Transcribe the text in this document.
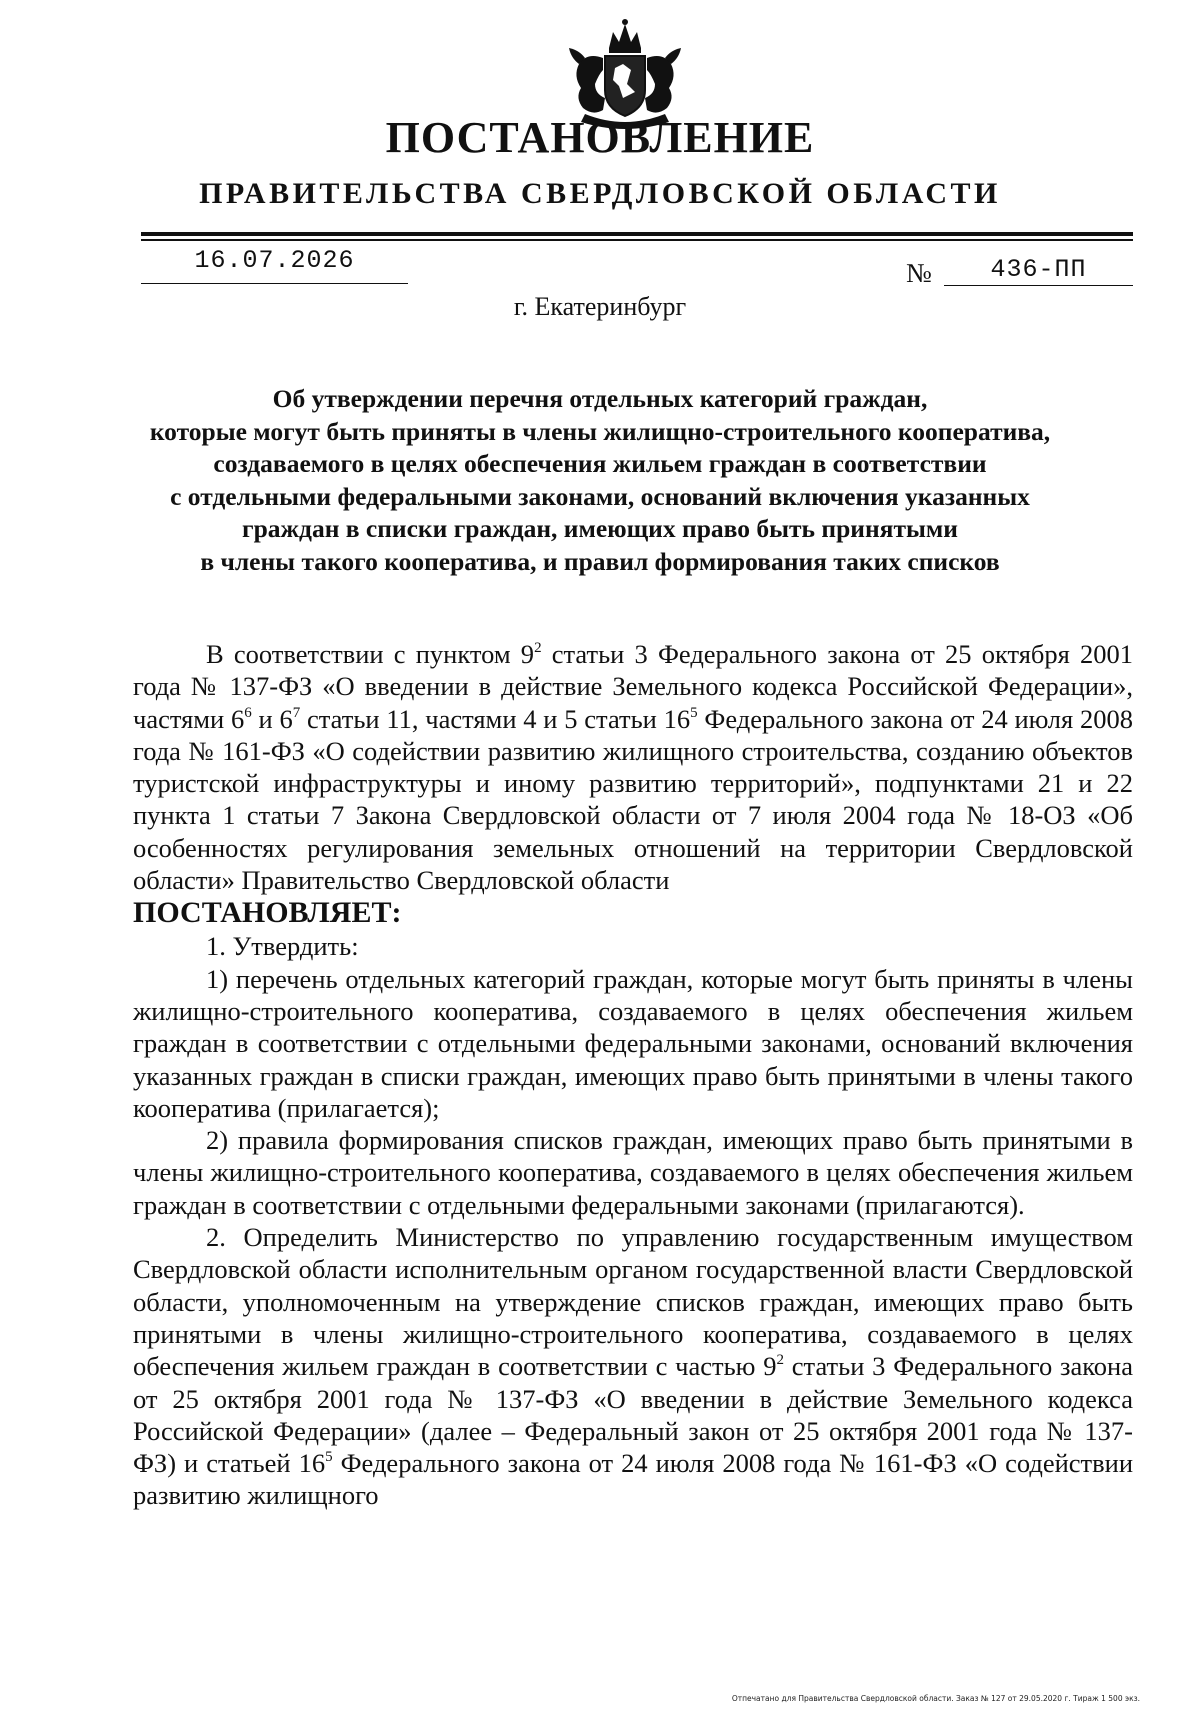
ПОСТАНОВЛЕНИЕ
ПРАВИТЕЛЬСТВА СВЕРДЛОВСКОЙ ОБЛАСТИ
16.07.2026	№	436-ПП
г. Екатеринбург
Об утверждении перечня отдельных категорий граждан,
которые могут быть приняты в члены жилищно-строительного кооператива,
создаваемого в целях обеспечения жильем граждан в соответствии
с отдельными федеральными законами, оснований включения указанных
граждан в списки граждан, имеющих право быть принятыми
в члены такого кооператива, и правил формирования таких списков

В соответствии с пунктом $9^2$ статьи 3 Федерального закона от 25 октября 2001 года № 137-ФЗ «О введении в действие Земельного кодекса Российской Федерации», частями $6^6$ и $6^7$ статьи 11, частями 4 и 5 статьи $16^5$ Федерального закона от 24 июля 2008 года № 161-ФЗ «О содействии развитию жилищного строительства, созданию объектов туристской инфраструктуры и иному развитию территорий», подпунктами 21 и 22 пункта 1 статьи 7 Закона Свердловской области от 7 июля 2004 года № 18-ОЗ «Об особенностях регулирования земельных отношений на территории Свердловской области» Правительство Свердловской области

ПОСТАНОВЛЯЕТ:

1. Утвердить:

1) перечень отдельных категорий граждан, которые могут быть приняты в члены жилищно-строительного кооператива, создаваемого в целях обеспечения жильем граждан в соответствии с отдельными федеральными законами, оснований включения указанных граждан в списки граждан, имеющих право быть принятыми в члены такого кооператива (прилагается);

2) правила формирования списков граждан, имеющих право быть принятыми в члены жилищно-строительного кооператива, создаваемого в целях обеспечения жильем граждан в соответствии с отдельными федеральными законами (прилагаются).

2. Определить Министерство по управлению государственным имуществом Свердловской области исполнительным органом государственной власти Свердловской области, уполномоченным на утверждение списков граждан, имеющих право быть принятыми в члены жилищно-строительного кооператива, создаваемого в целях обеспечения жильем граждан в соответствии с частью $9^2$ статьи 3 Федерального закона от 25 октября 2001 года № 137-ФЗ «О введении в действие Земельного кодекса Российской Федерации» (далее – Федеральный закон от 25 октября 2001 года № 137-ФЗ) и статьей $16^5$ Федерального закона от 24 июля 2008 года № 161-ФЗ «О содействии развитию жилищного

Отпечатано для Правительства Свердловской области. Заказ № 127 от 29.05.2020 г. Тираж 1 500 экз.
